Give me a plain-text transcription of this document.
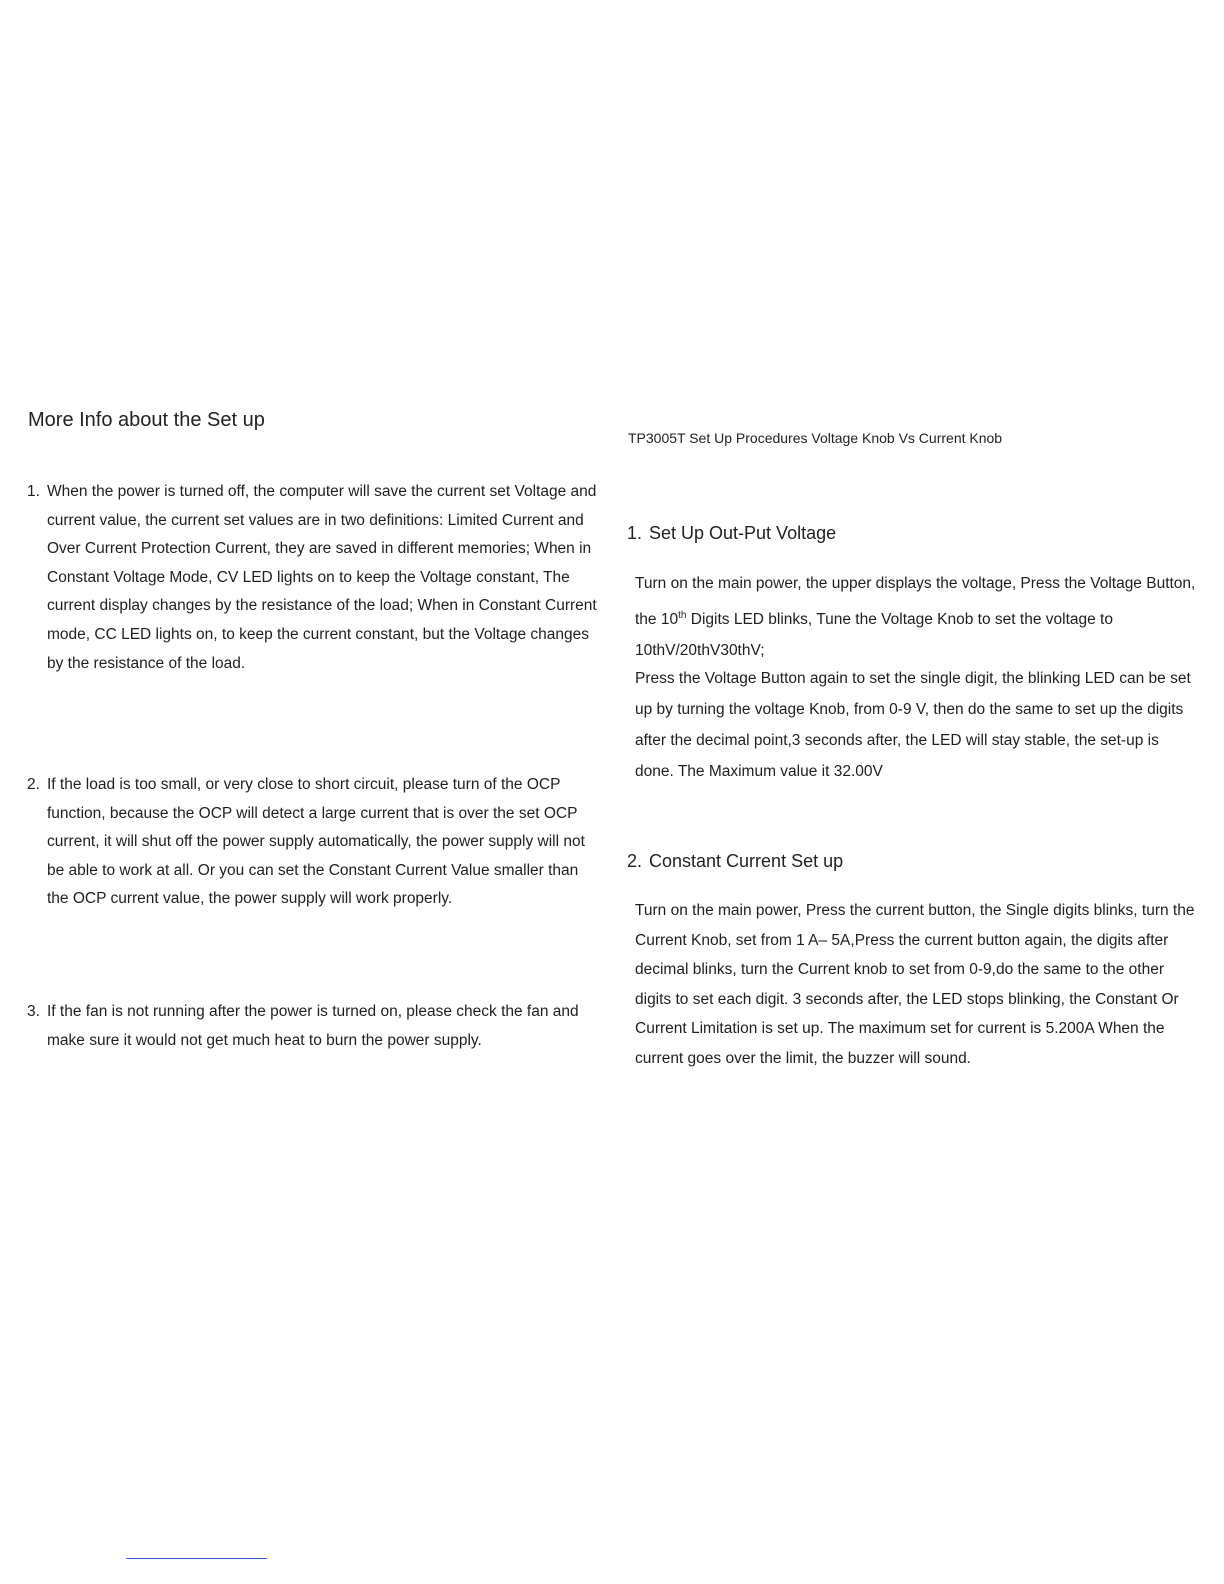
More Info about the Set up
TP3005T Set Up Procedures Voltage Knob Vs Current Knob
1. When the power is turned off, the computer will save the current set Voltage and current value, the current set values are in two definitions: Limited Current and Over Current Protection Current, they are saved in different memories; When in Constant Voltage Mode, CV LED lights on to keep the Voltage constant, The current display changes by the resistance of the load; When in Constant Current mode, CC LED lights on, to keep the current constant, but the Voltage changes by the resistance of the load.
2. If the load is too small, or very close to short circuit, please turn of the OCP function, because the OCP will detect a large current that is over the set OCP current, it will shut off the power supply automatically, the power supply will not be able to work at all. Or you can set the Constant Current Value smaller than the OCP current value, the power supply will work properly.
3. If the fan is not running after the power is turned on, please check the fan and make sure it would not get much heat to burn the power supply.
1. Set Up Out-Put Voltage

Turn on the main power, the upper displays the voltage, Press the Voltage Button, the 10th Digits LED blinks, Tune the Voltage Knob to set the voltage to 10thV/20thV30thV;

Press the Voltage Button again to set the single digit, the blinking LED can be set up by turning the voltage Knob, from 0-9 V, then do the same to set up the digits after the decimal point,3 seconds after, the LED will stay stable, the set-up is done. The Maximum value it 32.00V

2. Constant Current Set up

Turn on the main power, Press the current button, the Single digits blinks, turn the Current Knob, set from 1 A– 5A,Press the current button again, the digits after decimal blinks, turn the Current knob to set from 0-9,do the same to the other digits to set each digit. 3 seconds after, the LED stops blinking, the Constant Or Current Limitation is set up. The maximum set for current is 5.200A When the current goes over the limit, the buzzer will sound.
